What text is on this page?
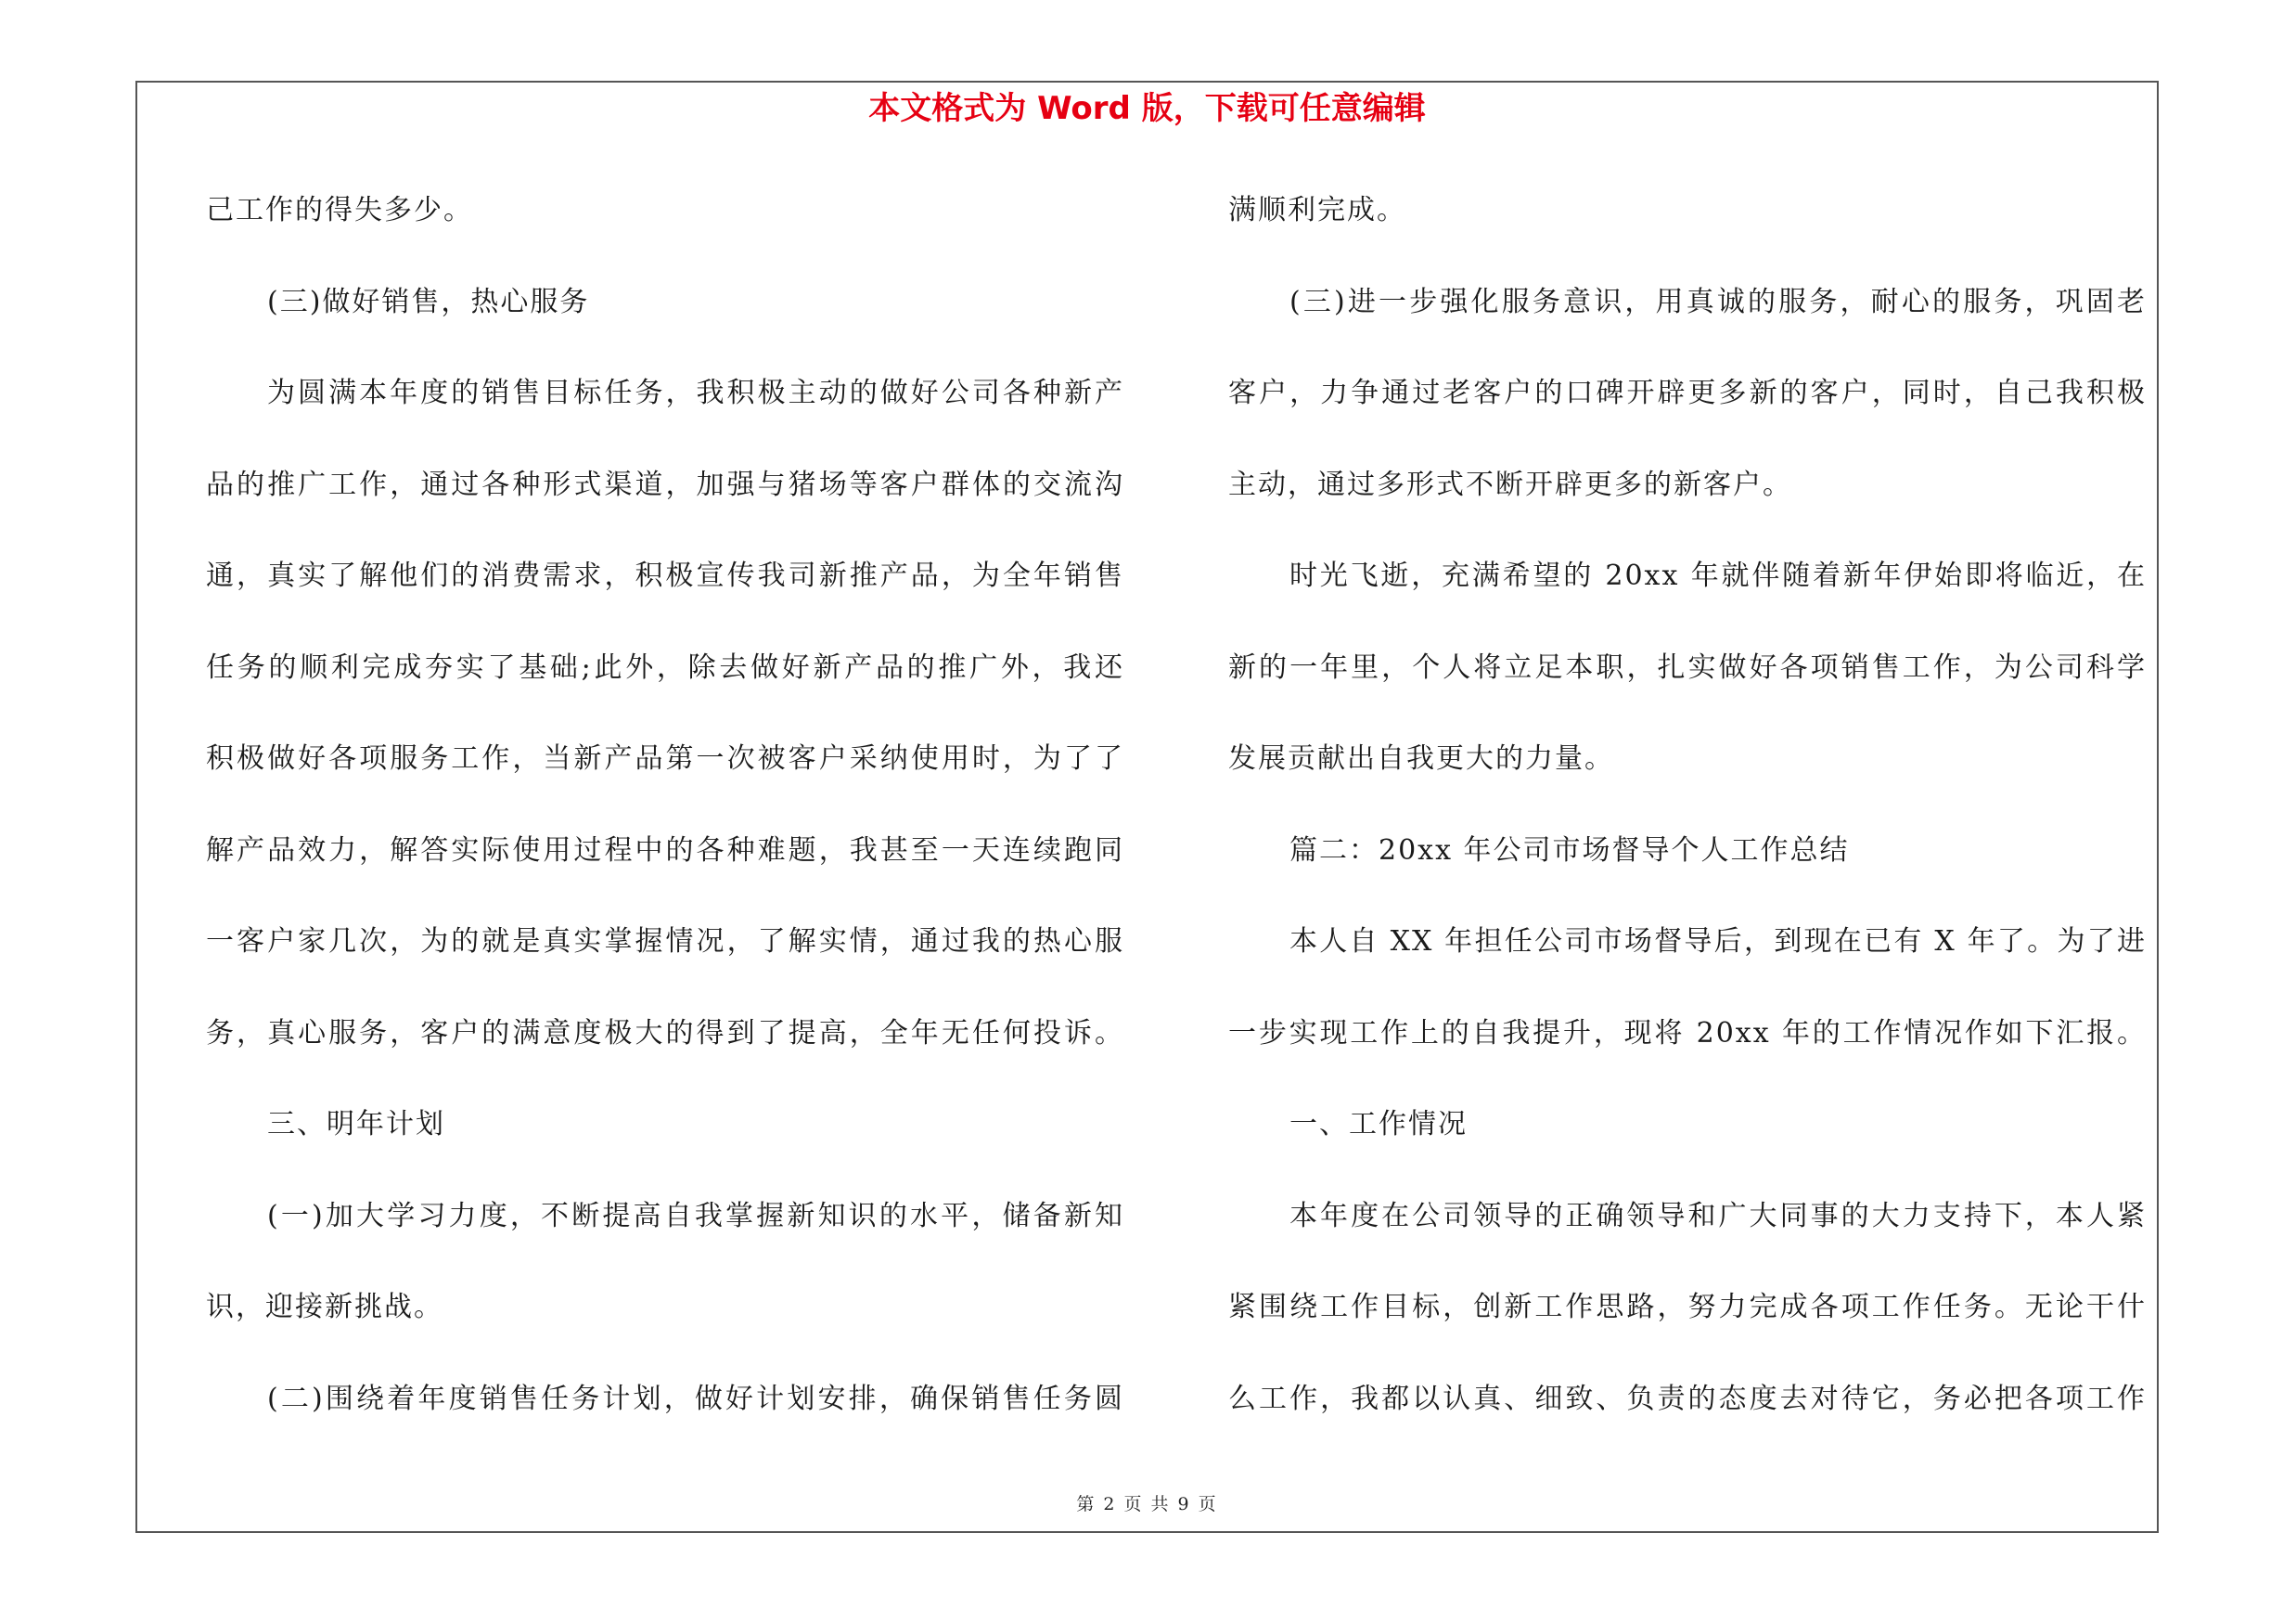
本文格式为 Word 版，下载可任意编辑
己工作的得失多少。
(三)做好销售，热心服务
为圆满本年度的销售目标任务，我积极主动的做好公司各种新产
品的推广工作，通过各种形式渠道，加强与猪场等客户群体的交流沟
通，真实了解他们的消费需求，积极宣传我司新推产品，为全年销售
任务的顺利完成夯实了基础;此外，除去做好新产品的推广外，我还
积极做好各项服务工作，当新产品第一次被客户采纳使用时，为了了
解产品效力，解答实际使用过程中的各种难题，我甚至一天连续跑同
一客户家几次，为的就是真实掌握情况，了解实情，通过我的热心服
务，真心服务，客户的满意度极大的得到了提高，全年无任何投诉。
三、明年计划
(一)加大学习力度，不断提高自我掌握新知识的水平，储备新知
识，迎接新挑战。
(二)围绕着年度销售任务计划，做好计划安排，确保销售任务圆
满顺利完成。
(三)进一步强化服务意识，用真诚的服务，耐心的服务，巩固老
客户，力争通过老客户的口碑开辟更多新的客户，同时，自己我积极
主动，通过多形式不断开辟更多的新客户。
时光飞逝，充满希望的 20xx 年就伴随着新年伊始即将临近，在
新的一年里，个人将立足本职，扎实做好各项销售工作，为公司科学
发展贡献出自我更大的力量。
篇二：20xx 年公司市场督导个人工作总结
本人自 XX 年担任公司市场督导后，到现在已有 X 年了。为了进
一步实现工作上的自我提升，现将 20xx 年的工作情况作如下汇报。
一、工作情况
本年度在公司领导的正确领导和广大同事的大力支持下，本人紧
紧围绕工作目标，创新工作思路，努力完成各项工作任务。无论干什
么工作，我都以认真、细致、负责的态度去对待它，务必把各项工作
第 2 页 共 9 页
